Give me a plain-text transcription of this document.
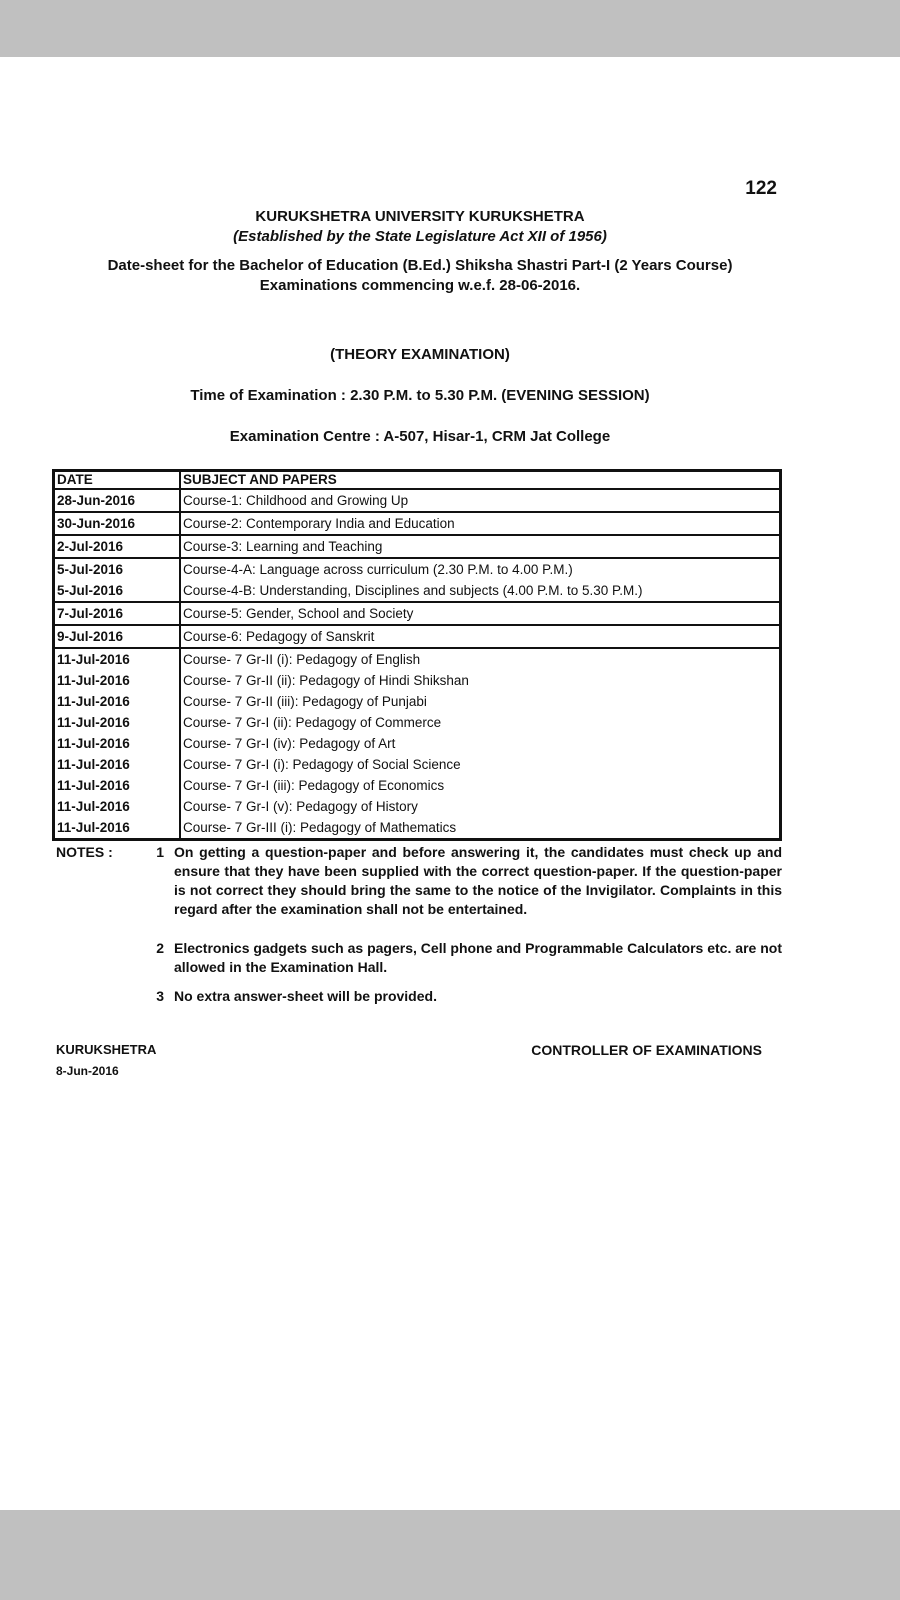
122
KURUKSHETRA UNIVERSITY KURUKSHETRA
(Established by the State Legislature Act XII of 1956)
Date-sheet for the Bachelor of Education (B.Ed.) Shiksha Shastri Part-I (2 Years Course)
Examinations commencing w.e.f. 28-06-2016.
(THEORY EXAMINATION)
Time of Examination : 2.30 P.M. to 5.30 P.M. (EVENING SESSION)
Examination Centre : A-507, Hisar-1, CRM Jat College
DATE	SUBJECT AND PAPERS
28-Jun-2016	Course-1: Childhood and Growing Up
30-Jun-2016	Course-2: Contemporary India and Education
2-Jul-2016	Course-3: Learning and Teaching
5-Jul-2016	Course-4-A: Language across curriculum (2.30 P.M. to 4.00 P.M.)
5-Jul-2016	Course-4-B: Understanding, Disciplines and subjects (4.00 P.M. to 5.30 P.M.)
7-Jul-2016	Course-5: Gender, School and Society
9-Jul-2016	Course-6: Pedagogy of Sanskrit
11-Jul-2016	Course- 7 Gr-II (i): Pedagogy of English
11-Jul-2016	Course- 7 Gr-II (ii): Pedagogy of Hindi Shikshan
11-Jul-2016	Course- 7 Gr-II (iii): Pedagogy of Punjabi
11-Jul-2016	Course- 7 Gr-I (ii): Pedagogy of Commerce
11-Jul-2016	Course- 7 Gr-I (iv): Pedagogy of Art
11-Jul-2016	Course- 7 Gr-I (i): Pedagogy of Social Science
11-Jul-2016	Course- 7 Gr-I (iii): Pedagogy of Economics
11-Jul-2016	Course- 7 Gr-I (v): Pedagogy of History
11-Jul-2016	Course- 7 Gr-III (i): Pedagogy of Mathematics
NOTES :	1 On getting a question-paper and before answering it, the candidates must check up and ensure that they have been supplied with the correct question-paper. If the question-paper is not correct they should bring the same to the notice of the Invigilator. Complaints in this regard after the examination shall not be entertained.
2 Electronics gadgets such as pagers, Cell phone and Programmable Calculators etc. are not allowed in the Examination Hall.
3 No extra answer-sheet will be provided.
KURUKSHETRA
8-Jun-2016
CONTROLLER OF EXAMINATIONS
